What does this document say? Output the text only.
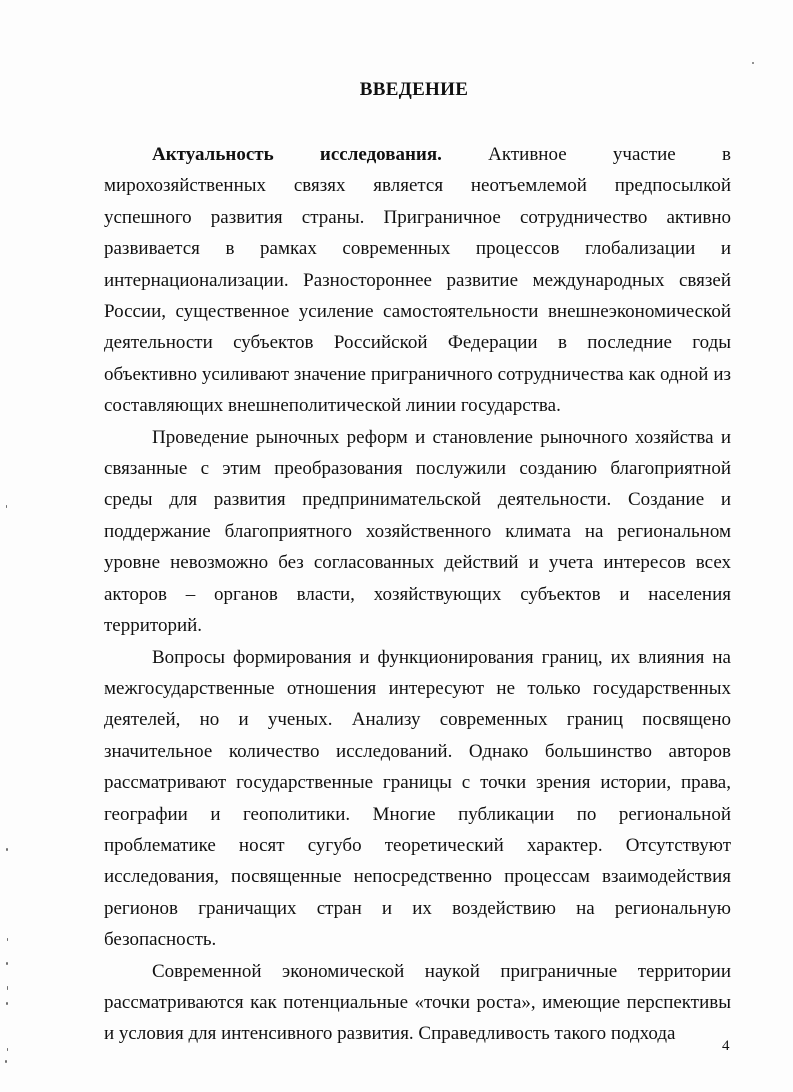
ВВЕДЕНИЕ

Актуальность исследования. Активное участие в мирохозяйственных связях является неотъемлемой предпосылкой успешного развития страны. Приграничное сотрудничество активно развивается в рамках современных процессов глобализации и интернационализации. Разностороннее развитие международных связей России, существенное усиление самостоятельности внешнеэкономической деятельности субъектов Российской Федерации в последние годы объективно усиливают значение приграничного сотрудничества как одной из составляющих внешнеполитической линии государства.

Проведение рыночных реформ и становление рыночного хозяйства и связанные с этим преобразования послужили созданию благоприятной среды для развития предпринимательской деятельности. Создание и поддержание благоприятного хозяйственного климата на региональном уровне невозможно без согласованных действий и учета интересов всех акторов – органов власти, хозяйствующих субъектов и населения территорий.

Вопросы формирования и функционирования границ, их влияния на межгосударственные отношения интересуют не только государственных деятелей, но и ученых. Анализу современных границ посвящено значительное количество исследований. Однако большинство авторов рассматривают государственные границы с точки зрения истории, права, географии и геополитики. Многие публикации по региональной проблематике носят сугубо теоретический характер. Отсутствуют исследования, посвященные непосредственно процессам взаимодействия регионов граничащих стран и их воздействию на региональную безопасность.

Современной экономической наукой приграничные территории рассматриваются как потенциальные «точки роста», имеющие перспективы и условия для интенсивного развития. Справедливость такого подхода

4
